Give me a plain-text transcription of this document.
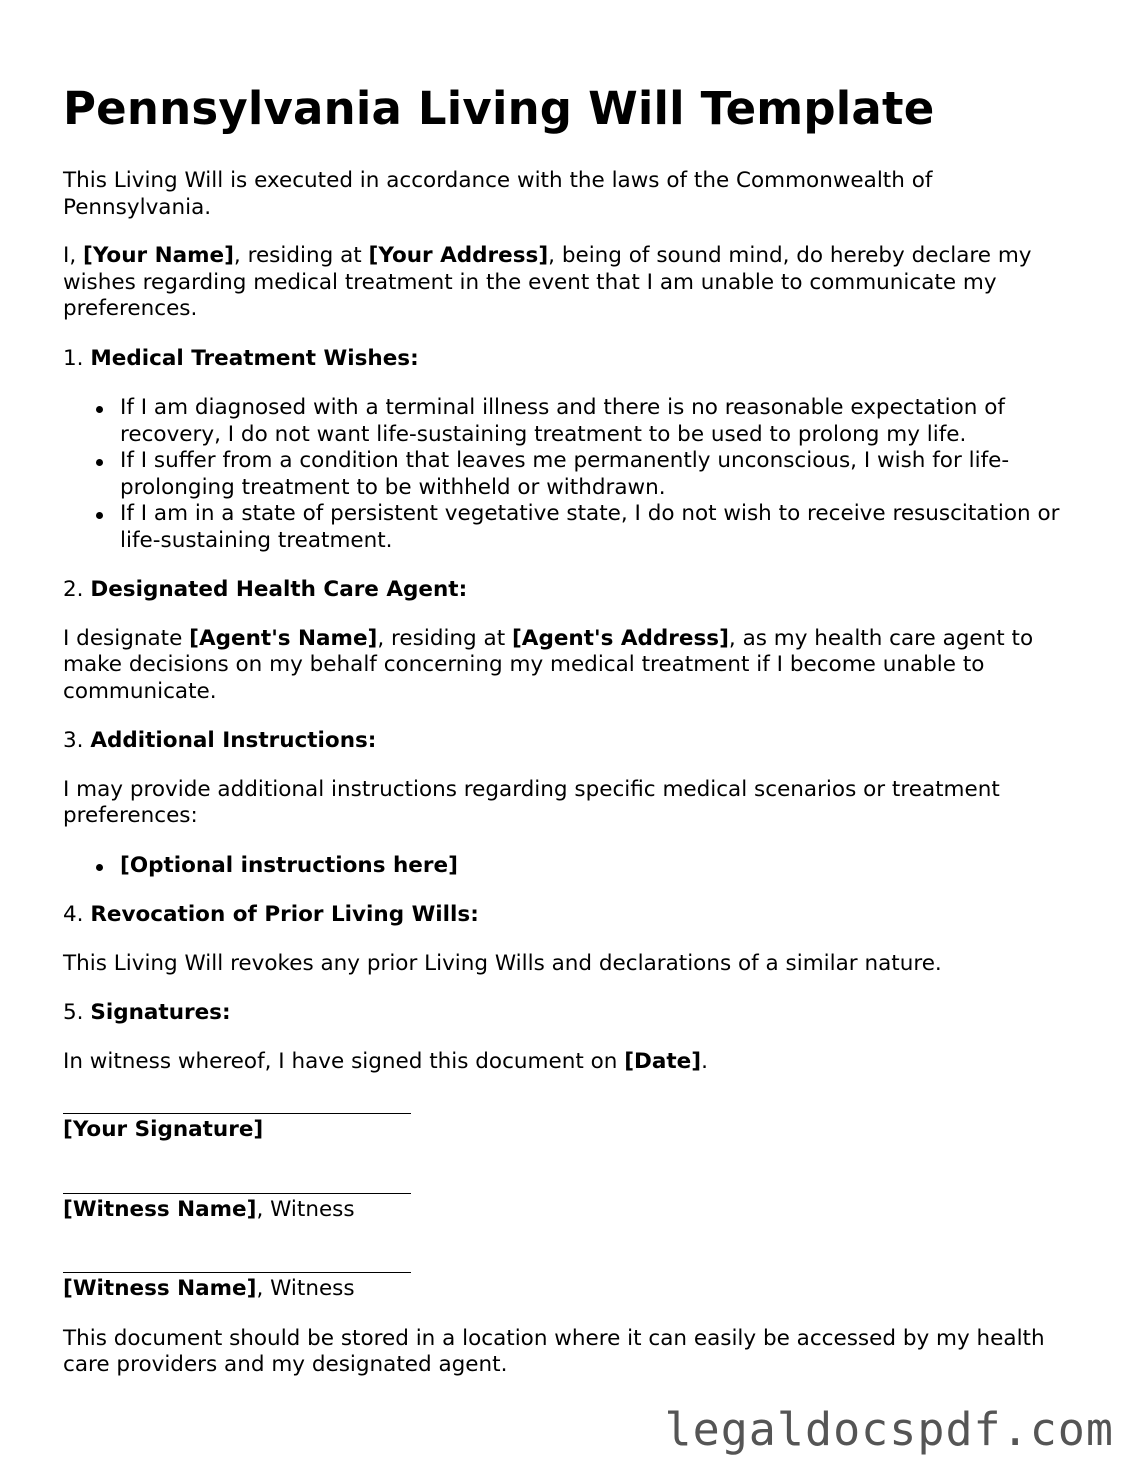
Pennsylvania Living Will Template

This Living Will is executed in accordance with the laws of the Commonwealth of Pennsylvania.

I, [Your Name], residing at [Your Address], being of sound mind, do hereby declare my wishes regarding medical treatment in the event that I am unable to communicate my preferences.

1. Medical Treatment Wishes:

If I am diagnosed with a terminal illness and there is no reasonable expectation of recovery, I do not want life-sustaining treatment to be used to prolong my life.
If I suffer from a condition that leaves me permanently unconscious, I wish for life-prolonging treatment to be withheld or withdrawn.
If I am in a state of persistent vegetative state, I do not wish to receive resuscitation or life-sustaining treatment.

2. Designated Health Care Agent:

I designate [Agent's Name], residing at [Agent's Address], as my health care agent to make decisions on my behalf concerning my medical treatment if I become unable to communicate.

3. Additional Instructions:

I may provide additional instructions regarding specific medical scenarios or treatment preferences:

[Optional instructions here]

4. Revocation of Prior Living Wills:

This Living Will revokes any prior Living Wills and declarations of a similar nature.

5. Signatures:

In witness whereof, I have signed this document on [Date].

[Your Signature]

[Witness Name], Witness

[Witness Name], Witness

This document should be stored in a location where it can easily be accessed by my health care providers and my designated agent.

legaldocspdf.com
